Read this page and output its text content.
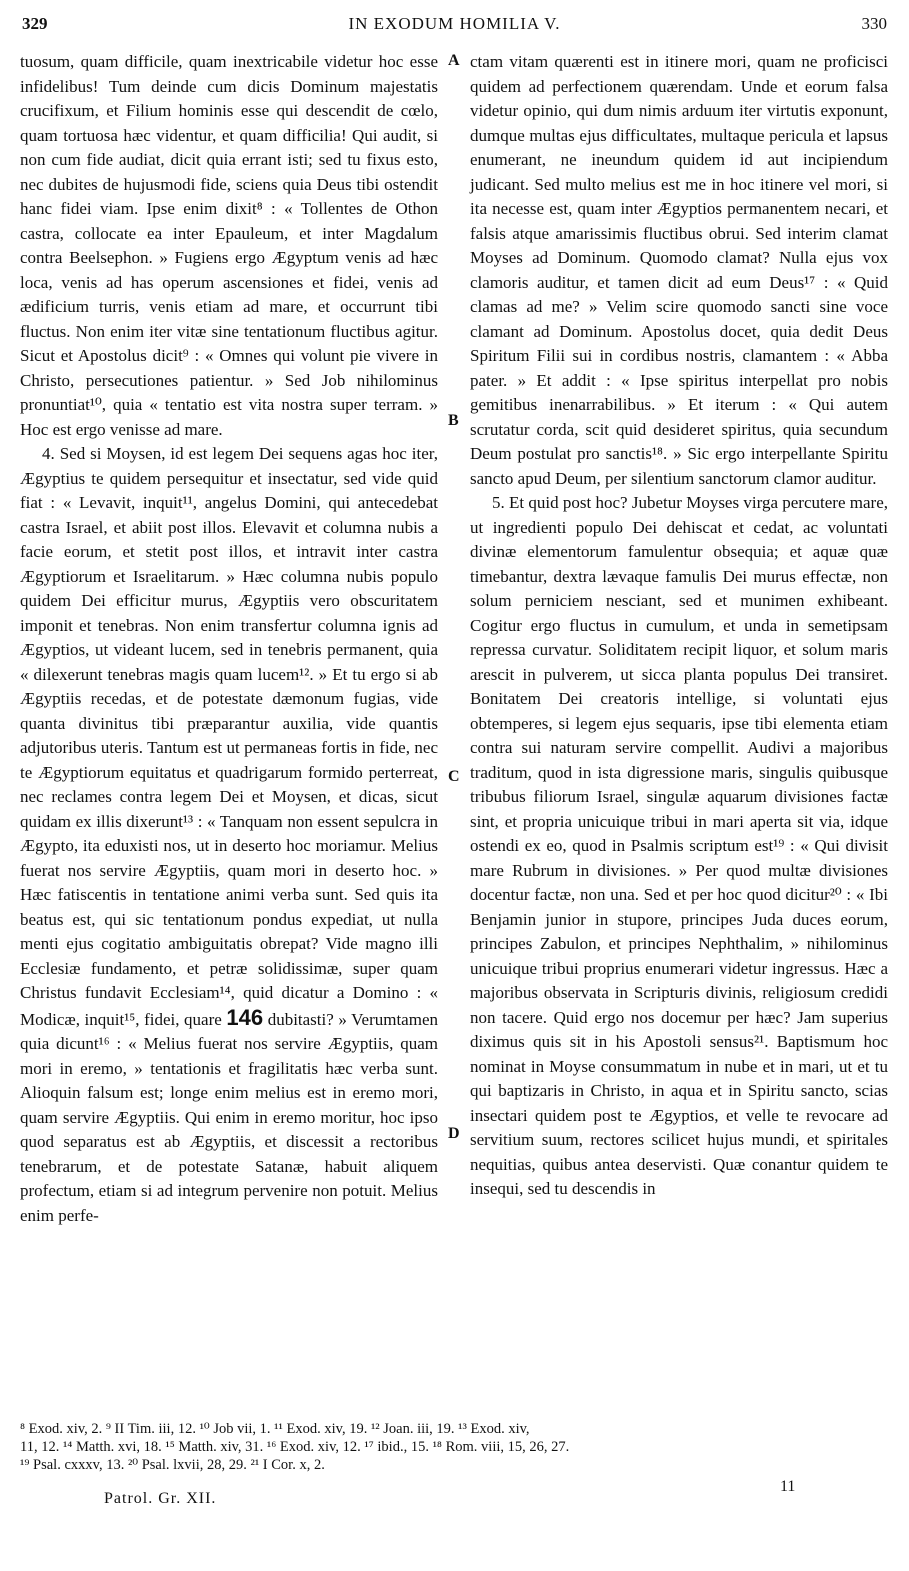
IN EXODUM HOMILIA V.
329	330

tuosum, quam difficile, quam inextricabile videtur hoc esse infidelibus! Tum deinde cum dicis Dominum majestatis crucifixum, et Filium hominis esse qui descendit de cœlo, quam tortuosa hæc videntur, et quam difficilia! Qui audit, si non cum fide audiat, dicit quia errant isti; sed tu fixus esto, nec dubites de hujusmodi fide, sciens quia Deus tibi ostendit hanc fidei viam. Ipse enim dixit⁸ : « Tollentes de Othon castra, collocate ea inter Epauleum, et inter Magdalum contra Beelsephon. » Fugiens ergo Ægyptum venis ad hæc loca, venis ad has operum ascensiones et fidei, venis ad ædificium turris, venis etiam ad mare, et occurrunt tibi fluctus. Non enim iter vitæ sine tentationum fluctibus agitur. Sicut et Apostolus dicit⁹ : « Omnes qui volunt pie vivere in Christo, persecutiones patientur. » Sed Job nihilominus pronuntiat¹⁰, quia « tentatio est vita nostra super terram. » Hoc est ergo venisse ad mare.

4. Sed si Moysen, id est legem Dei sequens agas hoc iter, Ægyptius te quidem persequitur et insectatur, sed vide quid fiat : « Levavit, inquit¹¹, angelus Domini, qui antecedebat castra Israel, et abiit post illos. Elevavit et columna nubis a facie eorum, et stetit post illos, et intravit inter castra Ægyptiorum et Israelitarum. » Hæc columna nubis populo quidem Dei efficitur murus, Ægyptiis vero obscuritatem imponit et tenebras. Non enim transfertur columna ignis ad Ægyptios, ut videant lucem, sed in tenebris permanent, quia « dilexerunt tenebras magis quam lucem¹². » Et tu ergo si ab Ægyptiis recedas, et de potestate dæmonum fugias, vide quanta divinitus tibi præparantur auxilia, vide quantis adjutoribus uteris. Tantum est ut permaneas fortis in fide, nec te Ægyptiorum equitatus et quadrigarum formido perterreat, nec reclames contra legem Dei et Moysen, et dicas, sicut quidam ex illis dixerunt¹³ : « Tanquam non essent sepulcra in Ægypto, ita eduxisti nos, ut in deserto hoc moriamur. Melius fuerat nos servire Ægyptiis, quam mori in deserto hoc. » Hæc fatiscentis in tentatione animi verba sunt. Sed quis ita beatus est, qui sic tentationum pondus expediat, ut nulla menti ejus cogitatio ambiguitatis obrepat? Vide magno illi Ecclesiæ fundamento, et petræ solidissimæ, super quam Christus fundavit Ecclesiam¹⁴, quid dicatur a Domino : « Modicæ, inquit¹⁵, fidei, quare 146 dubitasti? » Verumtamen quia dicunt¹⁶ : « Melius fuerat nos servire Ægyptiis, quam mori in eremo, » tentationis et fragilitatis hæc verba sunt. Alioquin falsum est; longe enim melius est in eremo mori, quam servire Ægyptiis. Qui enim in eremo moritur, hoc ipso quod separatus est ab Ægyptiis, et discessit a rectoribus tenebrarum, et de potestate Satanæ, habuit aliquem profectum, etiam si ad integrum pervenire non potuit. Melius enim perfe-

ctam vitam quærenti est in itinere mori, quam ne proficisci quidem ad perfectionem quærendam. Unde et eorum falsa videtur opinio, qui dum nimis arduum iter virtutis exponunt, dumque multas ejus difficultates, multaque pericula et lapsus enumerant, ne ineundum quidem id aut incipiendum judicant. Sed multo melius est me in hoc itinere vel mori, si ita necesse est, quam inter Ægyptios permanentem necari, et falsis atque amarissimis fluctibus obrui. Sed interim clamat Moyses ad Dominum. Quomodo clamat? Nulla ejus vox clamoris auditur, et tamen dicit ad eum Deus¹⁷ : « Quid clamas ad me? » Velim scire quomodo sancti sine voce clamant ad Dominum. Apostolus docet, quia dedit Deus Spiritum Filii sui in cordibus nostris, clamantem : « Abba pater. » Et addit : « Ipse spiritus interpellat pro nobis gemitibus inenarrabilibus. » Et iterum : « Qui autem scrutatur corda, scit quid desideret spiritus, quia secundum Deum postulat pro sanctis¹⁸. » Sic ergo interpellante Spiritu sancto apud Deum, per silentium sanctorum clamor auditur.

5. Et quid post hoc? Jubetur Moyses virga percutere mare, ut ingredienti populo Dei dehiscat et cedat, ac voluntati divinæ elementorum famulentur obsequia; et aquæ quæ timebantur, dextra lævaque famulis Dei murus effectæ, non solum perniciem nesciant, sed et munimen exhibeant. Cogitur ergo fluctus in cumulum, et unda in semetipsam repressa curvatur. Soliditatem recipit liquor, et solum maris arescit in pulverem, ut sicca planta populus Dei transiret. Bonitatem Dei creatoris intellige, si voluntati ejus obtemperes, si legem ejus sequaris, ipse tibi elementa etiam contra sui naturam servire compellit. Audivi a majoribus traditum, quod in ista digressione maris, singulis quibusque tribubus filiorum Israel, singulæ aquarum divisiones factæ sint, et propria unicuique tribui in mari aperta sit via, idque ostendi ex eo, quod in Psalmis scriptum est¹⁹ : « Qui divisit mare Rubrum in divisiones. » Per quod multæ divisiones docentur factæ, non una. Sed et per hoc quod dicitur²⁰ : « Ibi Benjamin junior in stupore, principes Juda duces eorum, principes Zabulon, et principes Nephthalim, » nihilominus unicuique tribui proprius enumerari videtur ingressus. Hæc a majoribus observata in Scripturis divinis, religiosum credidi non tacere. Quid ergo nos docemur per hæc? Jam superius diximus quis sit in his Apostoli sensus²¹. Baptismum hoc nominat in Moyse consummatum in nube et in mari, ut et tu qui baptizaris in Christo, in aqua et in Spiritu sancto, scias insectari quidem post te Ægyptios, et velle te revocare ad servitium suum, rectores scilicet hujus mundi, et spiritales nequitias, quibus antea deservisti. Quæ conantur quidem te insequi, sed tu descendis in

A
B
C
D
⁸ Exod. xiv, 2. ⁹ II Tim. iii, 12. ¹⁰ Job vii, 1. ¹¹ Exod. xiv, 19. ¹² Joan. iii, 19. ¹³ Exod. xiv,
11, 12. ¹⁴ Matth. xvi, 18. ¹⁵ Matth. xiv, 31. ¹⁶ Exod. xiv, 12. ¹⁷ ibid., 15. ¹⁸ Rom. viii, 15, 26, 27.
¹⁹ Psal. cxxxv, 13. ²⁰ Psal. lxvii, 28, 29. ²¹ I Cor. x, 2.
Patrol. Gr. XII.
11
